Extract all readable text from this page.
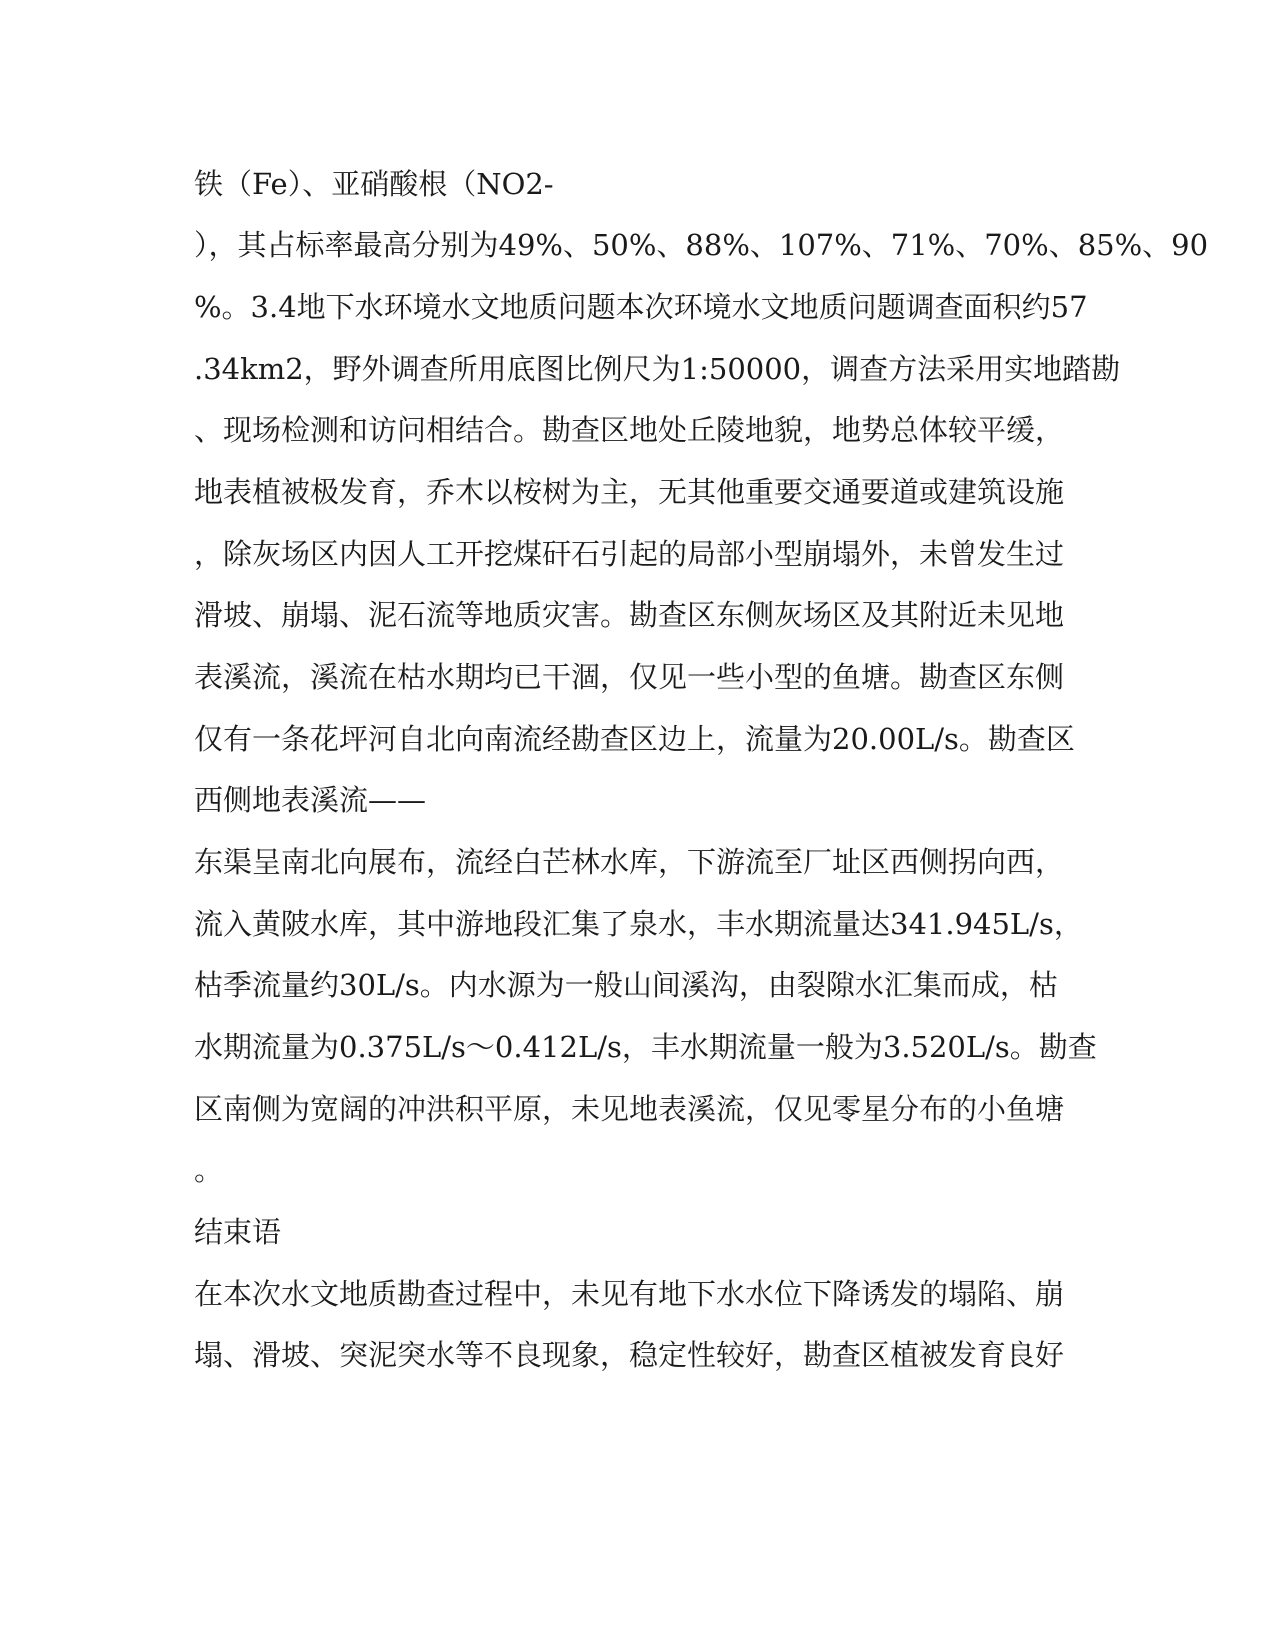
铁（Fe）、亚硝酸根（NO2-
），其占标率最高分别为49%、50%、88%、107%、71%、70%、85%、90
%。3.4地下水环境水文地质问题本次环境水文地质问题调查面积约57
.34km2，野外调查所用底图比例尺为1:50000，调查方法采用实地踏勘
、现场检测和访问相结合。勘查区地处丘陵地貌，地势总体较平缓，
地表植被极发育，乔木以桉树为主，无其他重要交通要道或建筑设施
，除灰场区内因人工开挖煤矸石引起的局部小型崩塌外，未曾发生过
滑坡、崩塌、泥石流等地质灾害。勘查区东侧灰场区及其附近未见地
表溪流，溪流在枯水期均已干涸，仅见一些小型的鱼塘。勘查区东侧
仅有一条花坪河自北向南流经勘查区边上，流量为20.00L/s。勘查区
西侧地表溪流——
东渠呈南北向展布，流经白芒林水库，下游流至厂址区西侧拐向西，
流入黄陂水库，其中游地段汇集了泉水，丰水期流量达341.945L/s，
枯季流量约30L/s。内水源为一般山间溪沟，由裂隙水汇集而成，枯
水期流量为0.375L/s～0.412L/s，丰水期流量一般为3.520L/s。勘查
区南侧为宽阔的冲洪积平原，未见地表溪流，仅见零星分布的小鱼塘
。
结束语
在本次水文地质勘查过程中，未见有地下水水位下降诱发的塌陷、崩
塌、滑坡、突泥突水等不良现象，稳定性较好，勘查区植被发育良好
